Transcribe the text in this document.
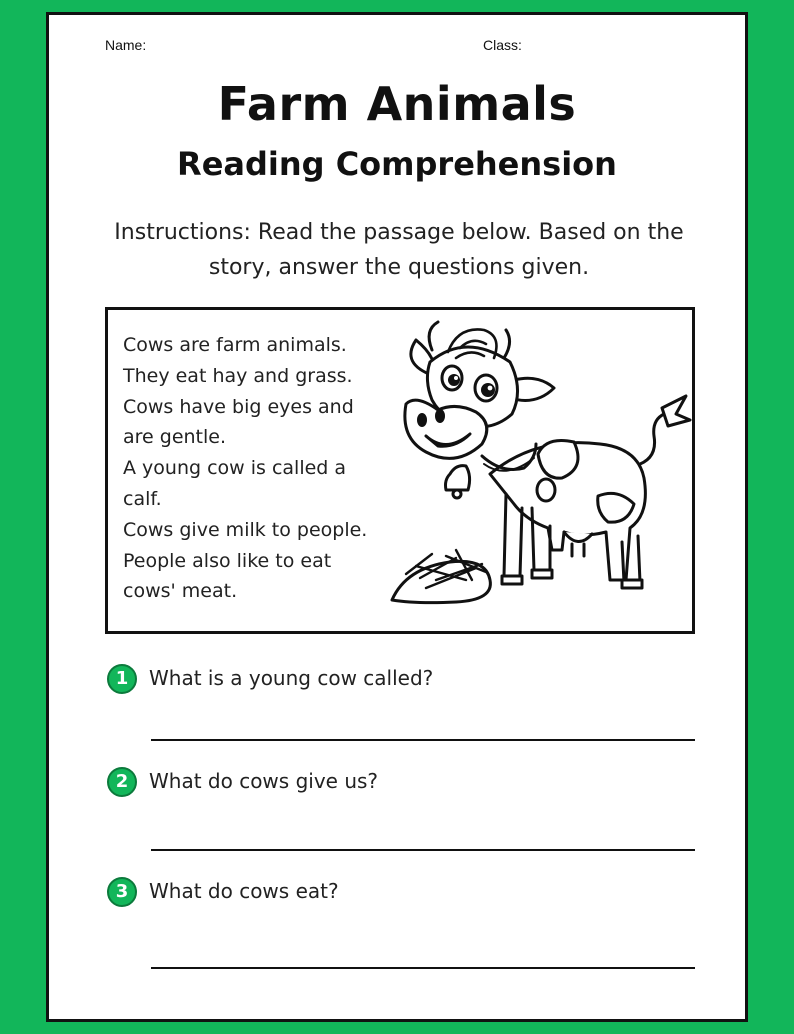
Name:	Class:
Farm Animals
Reading Comprehension
Instructions: Read the passage below. Based on the
story, answer the questions given.
Cows are farm animals.
They eat hay and grass.
Cows have big eyes and
are gentle.
A young cow is called a
calf.
Cows give milk to people.
People also like to eat
cows' meat.
1	What is a young cow called?
2	What do cows give us?
3	What do cows eat?
